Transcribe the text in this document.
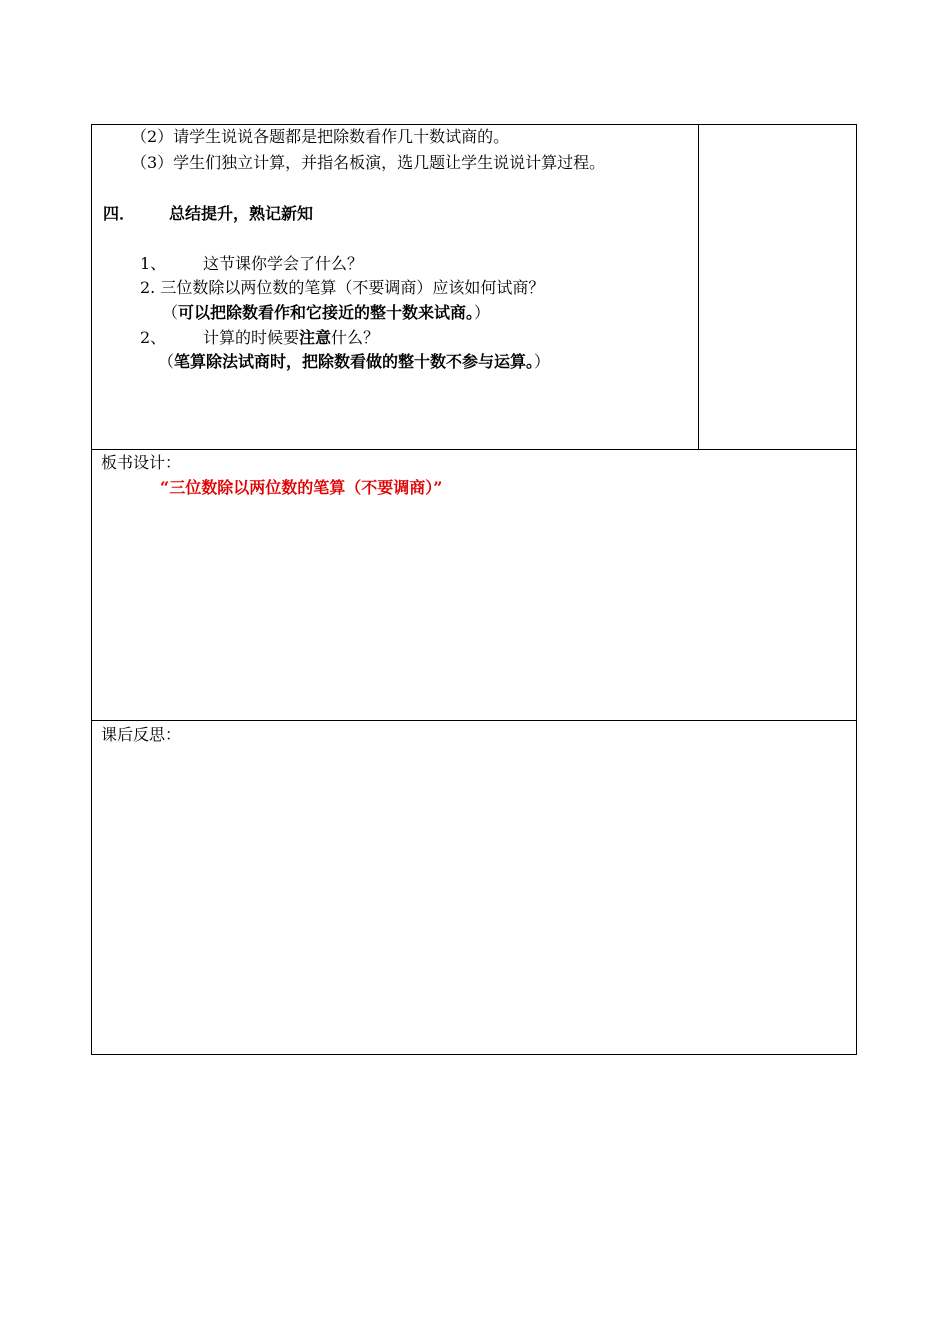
（2）请学生说说各题都是把除数看作几十数试商的。
（3）学生们独立计算，并指名板演，选几题让学生说说计算过程。
四． 总结提升，熟记新知
1、 这节课你学会了什么？
2. 三位数除以两位数的笔算（不要调商）应该如何试商？
（可以把除数看作和它接近的整十数来试商。）
2、 计算的时候要注意什么？
（笔算除法试商时，把除数看做的整十数不参与运算。）
板书设计：
“三位数除以两位数的笔算（不要调商）”
课后反思：
